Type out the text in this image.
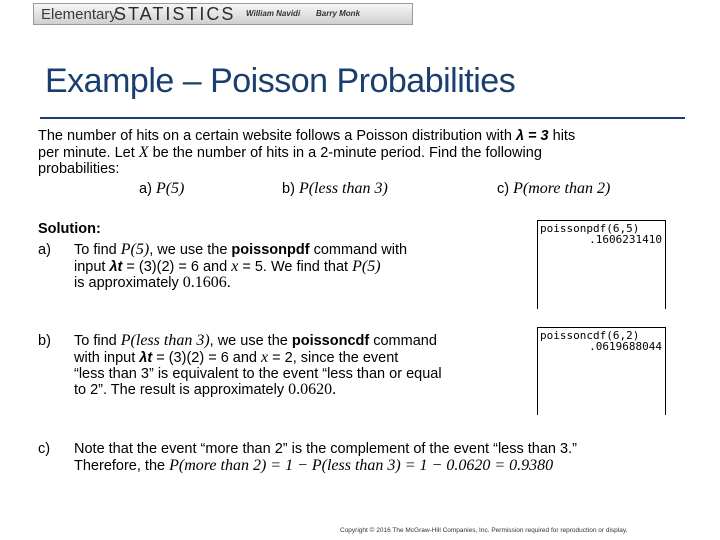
Elementary
STATISTICS William Navidi Barry Monk
Example – Poisson Probabilities
The number of hits on a certain website follows a Poisson distribution with λ = 3 hits
per minute. Let X be the number of hits in a 2-minute period. Find the following
probabilities:
a) P(5)	b) P(less than 3)	c) P(more than 2)
Solution:
a) To find P(5), we use the poissonpdf command with
input λt = (3)(2) = 6 and x = 5. We find that P(5)
is approximately 0.1606.
poissonpdf(6,5)
.1606231410
b) To find P(less than 3), we use the poissoncdf command
with input λt = (3)(2) = 6 and x = 2, since the event
“less than 3” is equivalent to the event “less than or equal
to 2”. The result is approximately 0.0620.
poissoncdf(6,2)
.0619688044
c) Note that the event “more than 2” is the complement of the event “less than 3.”
Therefore, the P(more than 2) = 1 − P(less than 3) = 1 − 0.0620 = 0.9380
Copyright © 2016 The McGraw-Hill Companies, Inc. Permission required for reproduction or display.
